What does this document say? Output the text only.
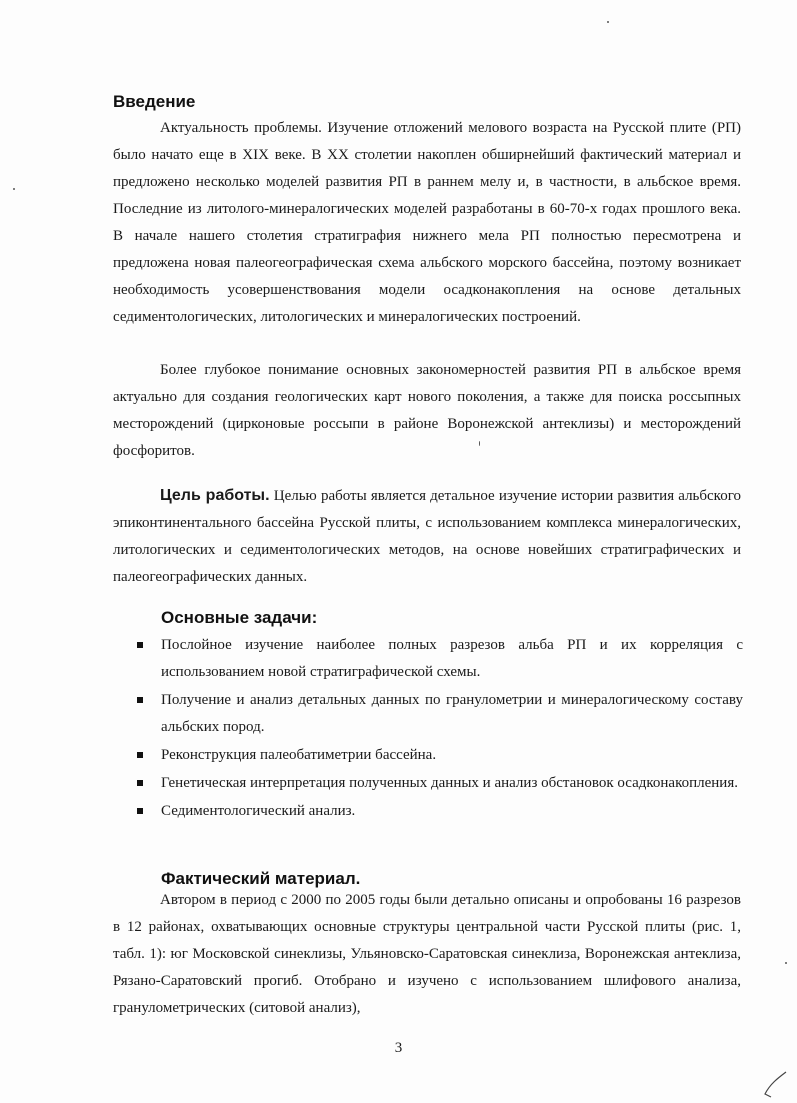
Введение

Актуальность проблемы. Изучение отложений мелового возраста на Русской плите (РП) было начато еще в XIX веке. В XX столетии накоплен обширнейший фактический материал и предложено несколько моделей развития РП в раннем мелу и, в частности, в альбское время. Последние из литолого-минералогических моделей разработаны в 60-70-х годах прошлого века. В начале нашего столетия стратиграфия нижнего мела РП полностью пересмотрена и предложена новая палеогеографическая схема альбского морского бассейна, поэтому возникает необходимость усовершенствования модели осадконакопления на основе детальных седиментологических, литологических и минералогических построений.

Более глубокое понимание основных закономерностей развития РП в альбское время актуально для создания геологических карт нового поколения, а также для поиска россыпных месторождений (цирконовые россыпи в районе Воронежской антеклизы) и месторождений фосфоритов.

Цель работы. Целью работы является детальное изучение истории развития альбского эпиконтинентального бассейна Русской плиты, с использованием комплекса минералогических, литологических и седиментологических методов, на основе новейших стратиграфических и палеогеографических данных.

Основные задачи:
Послойное изучение наиболее полных разрезов альба РП и их корреляция с использованием новой стратиграфической схемы.
Получение и анализ детальных данных по гранулометрии и минералогическому составу альбских пород.
Реконструкция палеобатиметрии бассейна.
Генетическая интерпретация полученных данных и анализ обстановок осадконакопления.
Седиментологический анализ.
Фактический материал.

Автором в период с 2000 по 2005 годы были детально описаны и опробованы 16 разрезов в 12 районах, охватывающих основные структуры центральной части Русской плиты (рис. 1, табл. 1): юг Московской синеклизы, Ульяновско-Саратовская синеклиза, Воронежская антеклиза, Рязано-Саратовский прогиб. Отобрано и изучено с использованием шлифового анализа, гранулометрических (ситовой анализ),

3
